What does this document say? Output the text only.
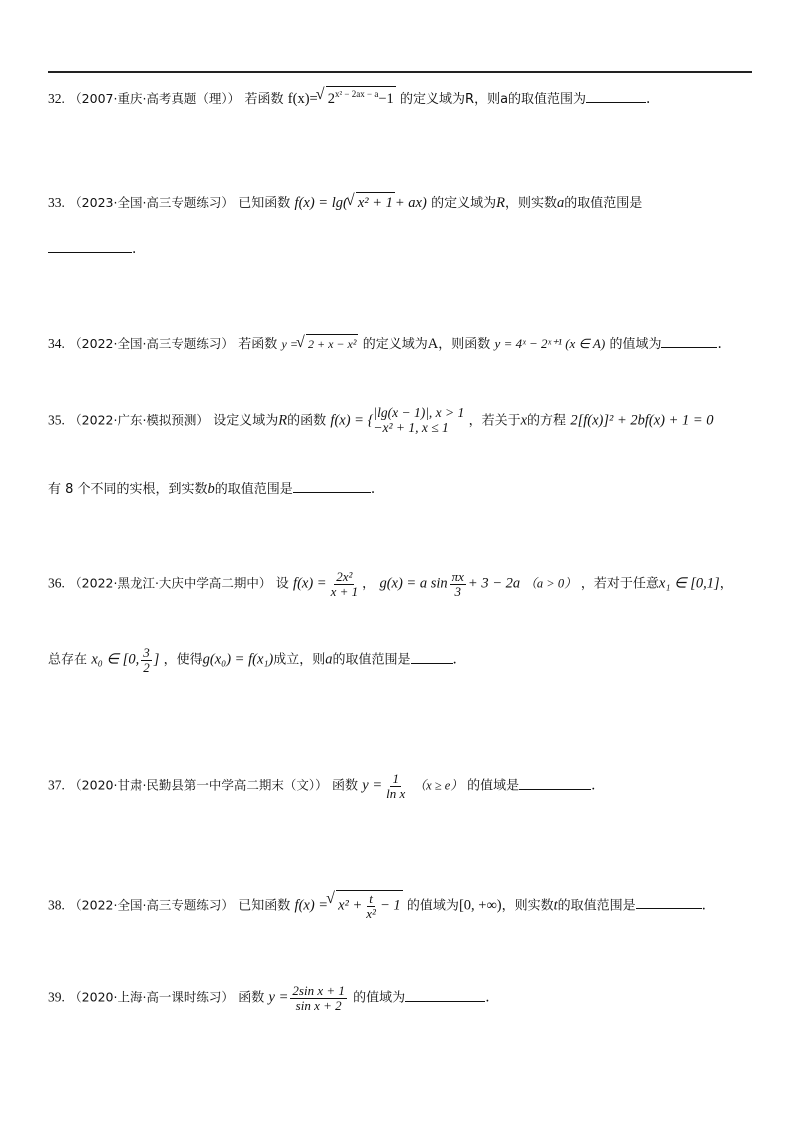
32. （2007·重庆·高考真题（理）） 若函数 f(x)= √ $2^{x^2 - 2ax - a}-1$ 的定义域为R，则a的取值范围为	.
33. （2023·全国·高三专题练习） 已知函数 f(x) = lg( √ x² + 1 + ax) 的定义域为R，则实数a的取值范围是
.
34. （2022·全国·高三专题练习） 若函数 y = √ 2 + x − x² 的定义域为A，则函数 y = 4ˣ − 2ˣ⁺¹ (x ∈ A) 的值域为	.
35. （2022·广东·模拟预测） 设定义域为R的函数 f(x) = {|lg(x − 1)|, x > 1
−x² + 1, x ≤ 1 ，若关于x的方程 2[f(x)]² + 2bf(x) + 1 = 0
有 8 个不同的实根，到实数b的取值范围是	.
36. （2022·黑龙江·大庆中学高二期中） 设 $f(x) = \frac{\text{2x²}}{x + 1}$ ， g(x) = a $\sin \frac{\pi x}{3} + 3 - 2a$ （a > 0） ，若对于任意x₁ ∈ [0,1]，
总存在 x₀ ∈ [0, $\frac{3}{2}$ ] ，使得g(x₀) = f(x₁)成立，则a的取值范围是	.
37. （2020·甘肃·民勤县第一中学高二期末（文）） 函数 $y = \frac{1}{\text{ln x}} (x \ge e)$ 的值域是	.
38. （2022·全国·高三专题练习） 已知函数 f(x) = √ $x^2 + \frac{t}{\text{x²}} - 1$ 的值域为[0, +∞)，则实数t的取值范围是	.
39. （2020·上海·高一课时练习） 函数 $y = \frac{\text{2sin x + 1}}{\text{sin x + 2}}$ 的值域为	.
